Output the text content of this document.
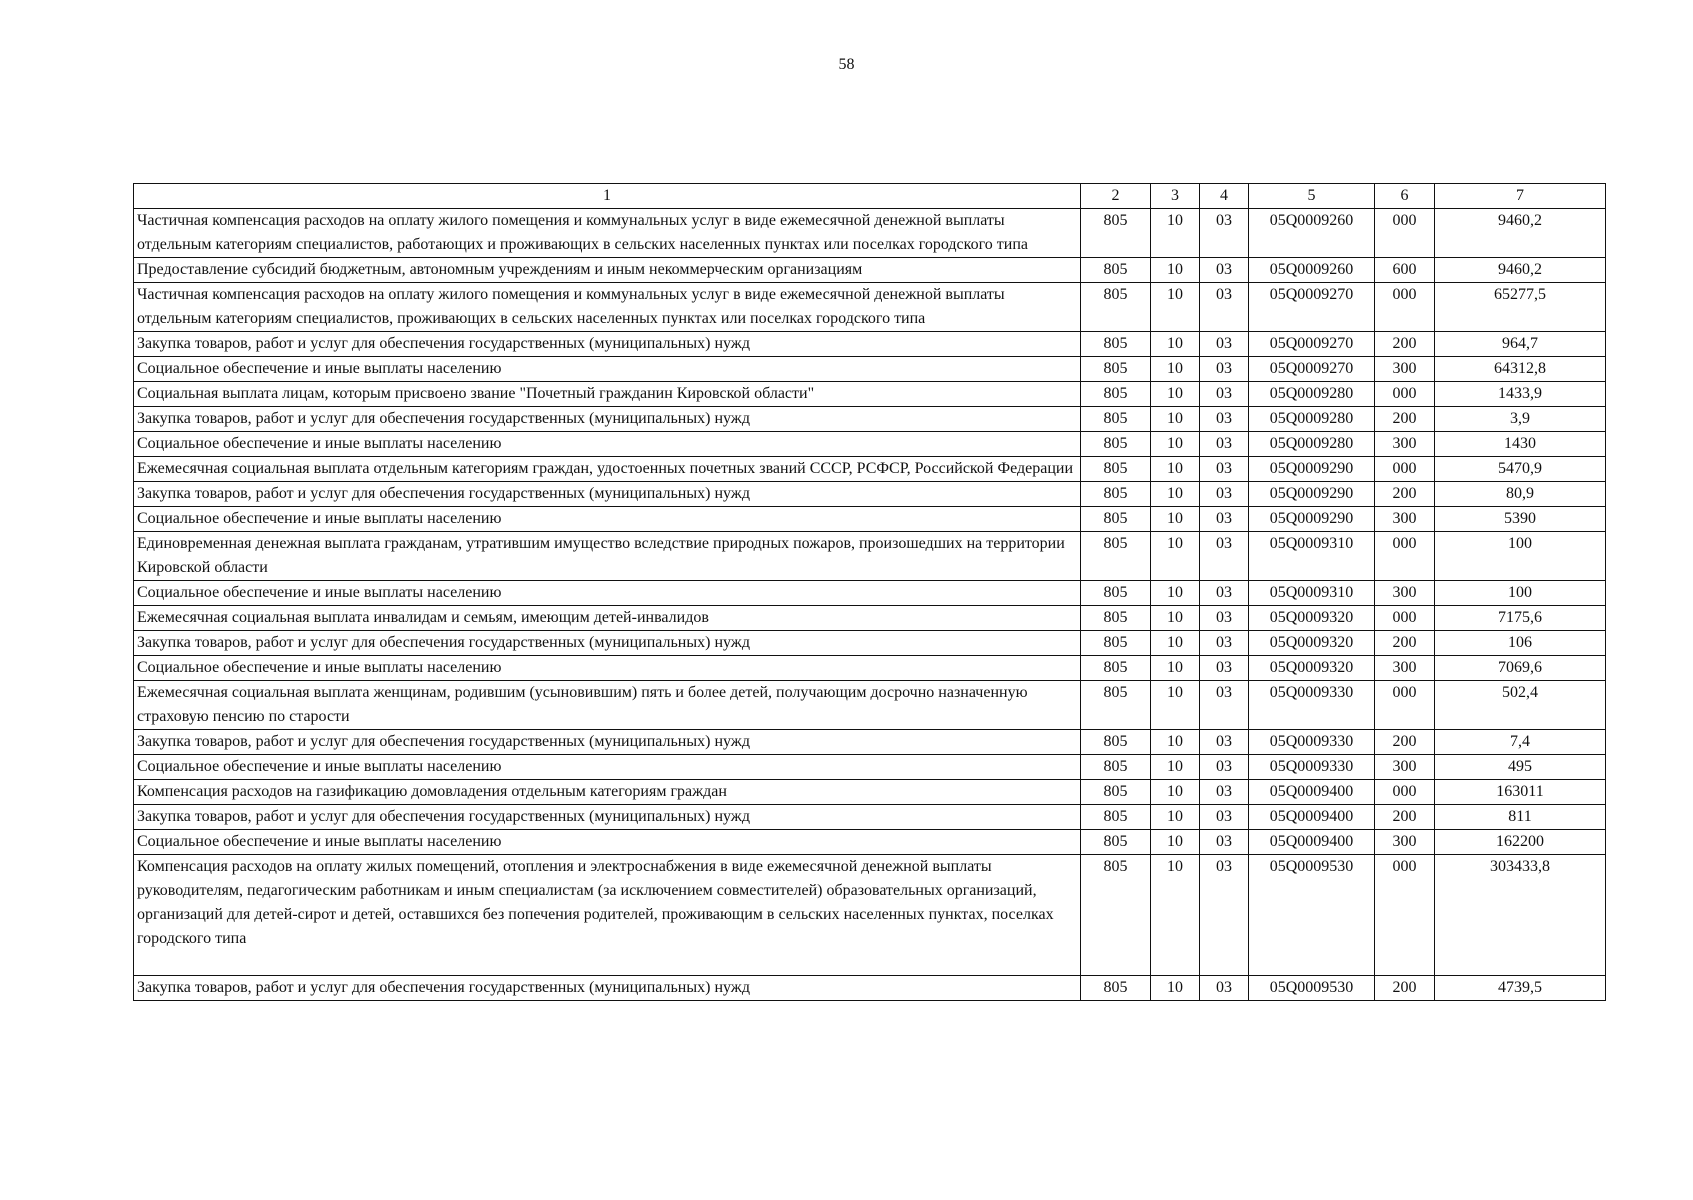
58
1	2	3	4	5	6	7
Частичная компенсация расходов на оплату жилого помещения и коммунальных услуг в виде ежемесячной денежной выплаты отдельным категориям специалистов, работающих и проживающих в сельских населенных пунктах или поселках городского типа	805	10	03	05Q0009260	000	9460,2
Предоставление субсидий бюджетным, автономным учреждениям и иным некоммерческим организациям	805	10	03	05Q0009260	600	9460,2
Частичная компенсация расходов на оплату жилого помещения и коммунальных услуг в виде ежемесячной денежной выплаты отдельным категориям специалистов, проживающих в сельских населенных пунктах или поселках городского типа	805	10	03	05Q0009270	000	65277,5
Закупка товаров, работ и услуг для обеспечения государственных (муниципальных) нужд	805	10	03	05Q0009270	200	964,7
Социальное обеспечение и иные выплаты населению	805	10	03	05Q0009270	300	64312,8
Социальная выплата лицам, которым присвоено звание "Почетный гражданин Кировской области"	805	10	03	05Q0009280	000	1433,9
Закупка товаров, работ и услуг для обеспечения государственных (муниципальных) нужд	805	10	03	05Q0009280	200	3,9
Социальное обеспечение и иные выплаты населению	805	10	03	05Q0009280	300	1430
Ежемесячная социальная выплата отдельным категориям граждан, удостоенных почетных званий СССР, РСФСР, Российской Федерации	805	10	03	05Q0009290	000	5470,9
Закупка товаров, работ и услуг для обеспечения государственных (муниципальных) нужд	805	10	03	05Q0009290	200	80,9
Социальное обеспечение и иные выплаты населению	805	10	03	05Q0009290	300	5390
Единовременная денежная выплата гражданам, утратившим имущество вследствие природных пожаров, произошедших на территории Кировской области	805	10	03	05Q0009310	000	100
Социальное обеспечение и иные выплаты населению	805	10	03	05Q0009310	300	100
Ежемесячная социальная выплата инвалидам и семьям, имеющим детей-инвалидов	805	10	03	05Q0009320	000	7175,6
Закупка товаров, работ и услуг для обеспечения государственных (муниципальных) нужд	805	10	03	05Q0009320	200	106
Социальное обеспечение и иные выплаты населению	805	10	03	05Q0009320	300	7069,6
Ежемесячная социальная выплата женщинам, родившим (усыновившим) пять и более детей, получающим досрочно назначенную страховую пенсию по старости	805	10	03	05Q0009330	000	502,4
Закупка товаров, работ и услуг для обеспечения государственных (муниципальных) нужд	805	10	03	05Q0009330	200	7,4
Социальное обеспечение и иные выплаты населению	805	10	03	05Q0009330	300	495
Компенсация расходов на газификацию домовладения отдельным категориям граждан	805	10	03	05Q0009400	000	163011
Закупка товаров, работ и услуг для обеспечения государственных (муниципальных) нужд	805	10	03	05Q0009400	200	811
Социальное обеспечение и иные выплаты населению	805	10	03	05Q0009400	300	162200
Компенсация расходов на оплату жилых помещений, отопления и электроснабжения в виде ежемесячной денежной выплаты руководителям, педагогическим работникам и иным специалистам (за исключением совместителей) образовательных организаций, организаций для детей-сирот и детей, оставшихся без попечения родителей, проживающим в сельских населенных пунктах, поселках городского типа	805	10	03	05Q0009530	000	303433,8
Закупка товаров, работ и услуг для обеспечения государственных (муниципальных) нужд	805	10	03	05Q0009530	200	4739,5
